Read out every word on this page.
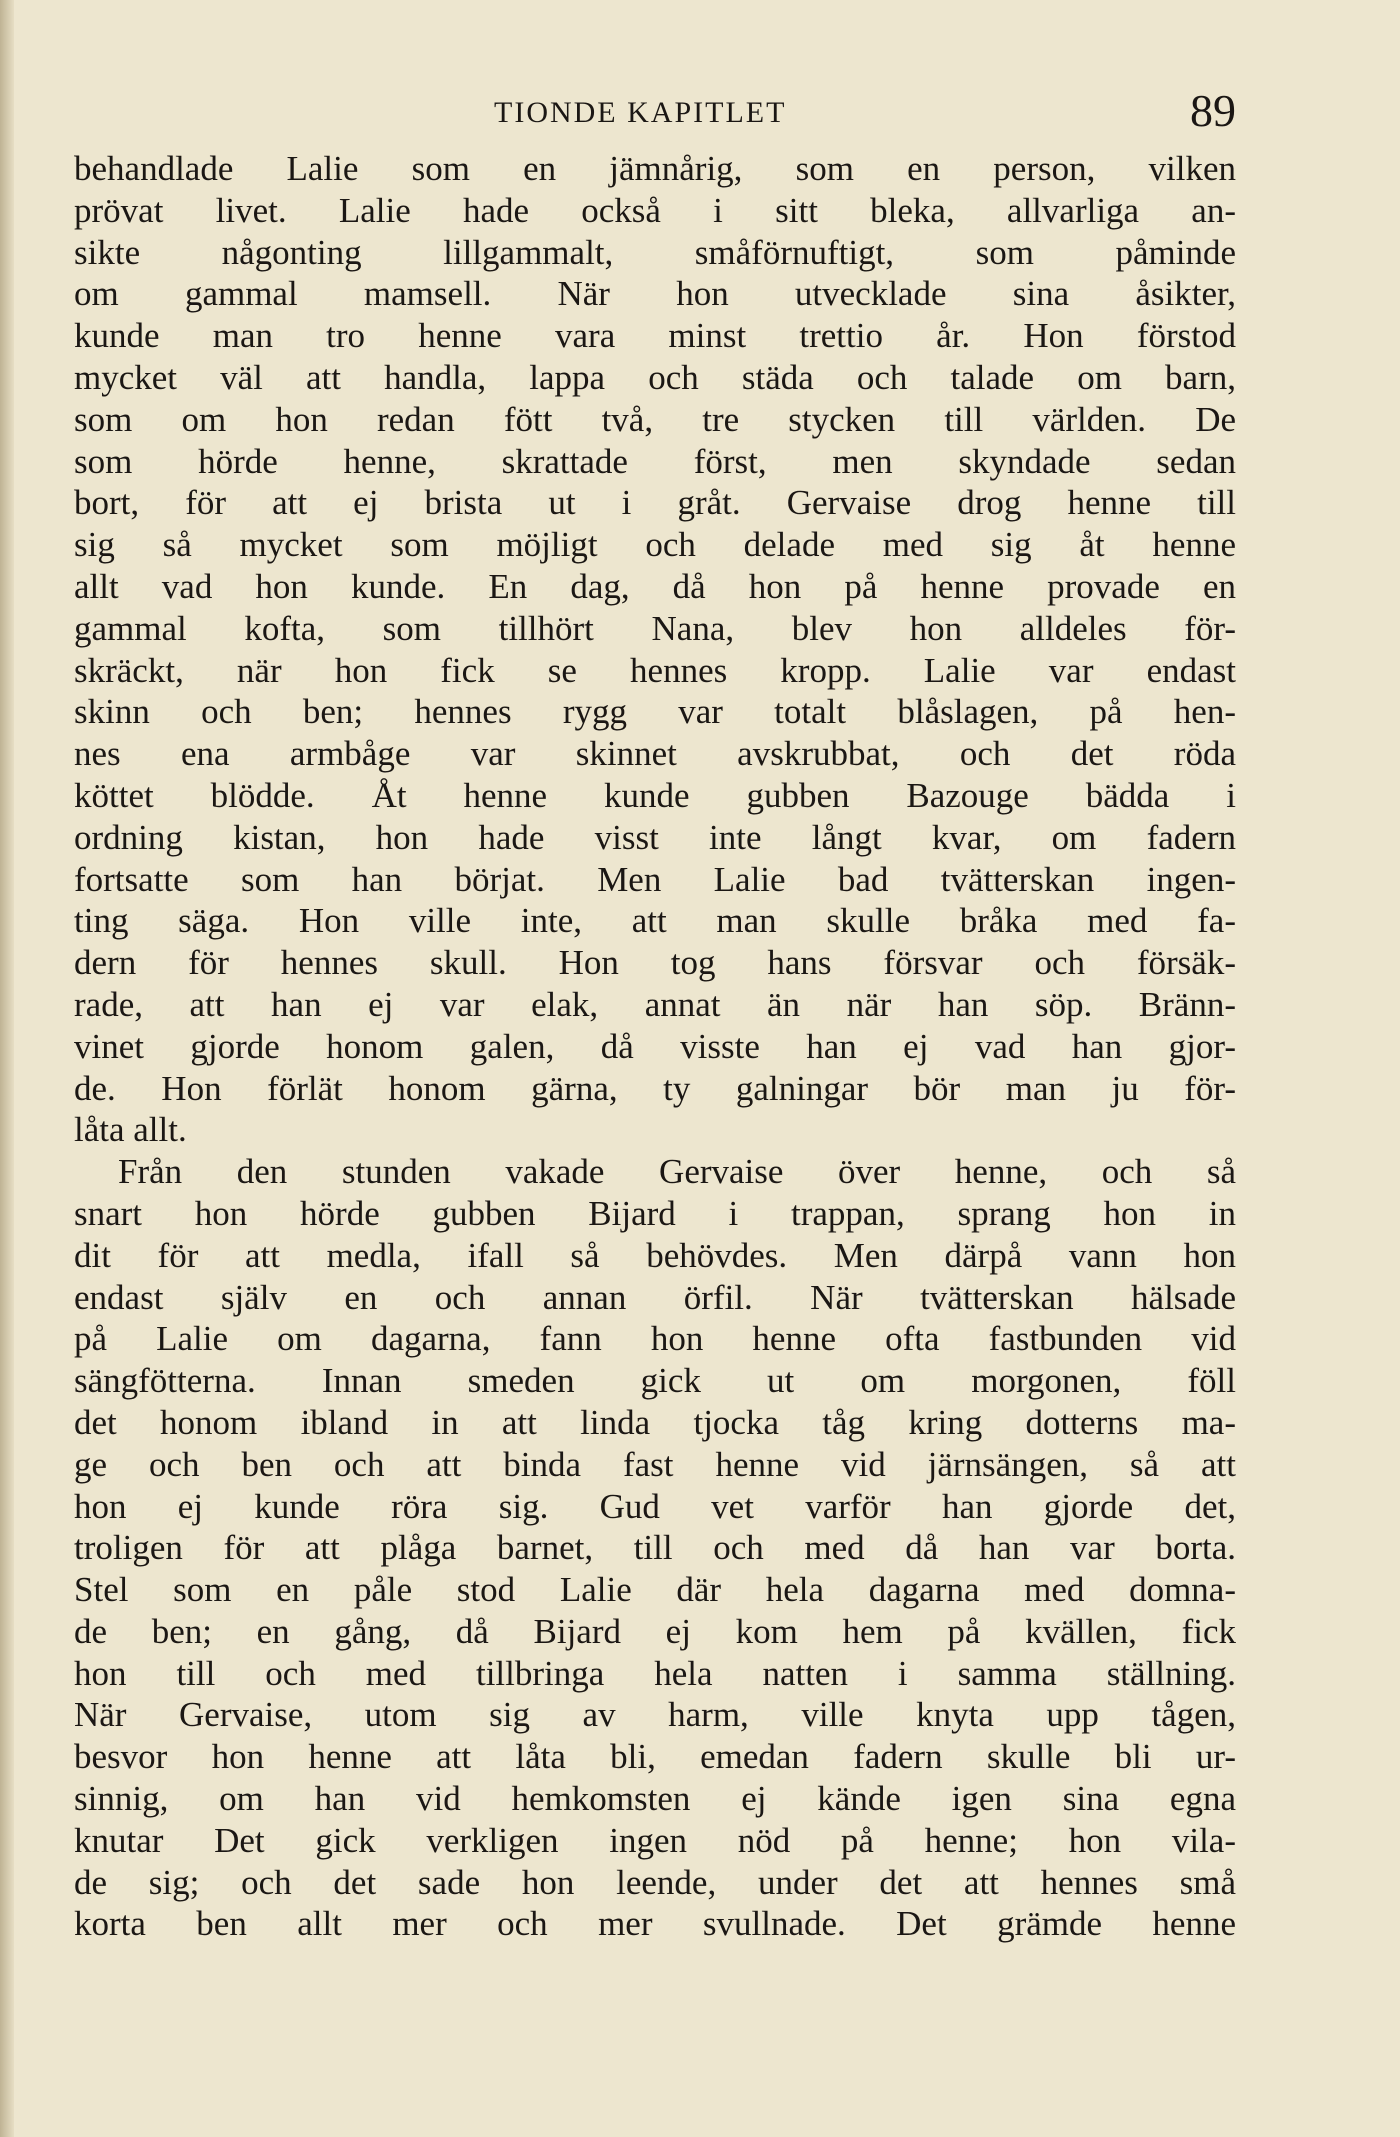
TIONDE KAPITLET	89
behandlade Lalie som en jämnårig, som en person, vilken
prövat livet. Lalie hade också i sitt bleka, allvarliga an-
sikte någonting lillgammalt, småförnuftigt, som påminde
om gammal mamsell. När hon utvecklade sina åsikter,
kunde man tro henne vara minst trettio år. Hon förstod
mycket väl att handla, lappa och städa och talade om barn,
som om hon redan fött två, tre stycken till världen. De
som hörde henne, skrattade först, men skyndade sedan
bort, för att ej brista ut i gråt. Gervaise drog henne till
sig så mycket som möjligt och delade med sig åt henne
allt vad hon kunde. En dag, då hon på henne provade en
gammal kofta, som tillhört Nana, blev hon alldeles för-
skräckt, när hon fick se hennes kropp. Lalie var endast
skinn och ben; hennes rygg var totalt blåslagen, på hen-
nes ena armbåge var skinnet avskrubbat, och det röda
köttet blödde. Åt henne kunde gubben Bazouge bädda i
ordning kistan, hon hade visst inte långt kvar, om fadern
fortsatte som han börjat. Men Lalie bad tvätterskan ingen-
ting säga. Hon ville inte, att man skulle bråka med fa-
dern för hennes skull. Hon tog hans försvar och försäk-
rade, att han ej var elak, annat än när han söp. Bränn-
vinet gjorde honom galen, då visste han ej vad han gjor-
de. Hon förlät honom gärna, ty galningar bör man ju för-
låta allt.
Från den stunden vakade Gervaise över henne, och så
snart hon hörde gubben Bijard i trappan, sprang hon in
dit för att medla, ifall så behövdes. Men därpå vann hon
endast själv en och annan örfil. När tvätterskan hälsade
på Lalie om dagarna, fann hon henne ofta fastbunden vid
sängfötterna. Innan smeden gick ut om morgonen, föll
det honom ibland in att linda tjocka tåg kring dotterns ma-
ge och ben och att binda fast henne vid järnsängen, så att
hon ej kunde röra sig. Gud vet varför han gjorde det,
troligen för att plåga barnet, till och med då han var borta.
Stel som en påle stod Lalie där hela dagarna med domna-
de ben; en gång, då Bijard ej kom hem på kvällen, fick
hon till och med tillbringa hela natten i samma ställning.
När Gervaise, utom sig av harm, ville knyta upp tågen,
besvor hon henne att låta bli, emedan fadern skulle bli ur-
sinnig, om han vid hemkomsten ej kände igen sina egna
knutar Det gick verkligen ingen nöd på henne; hon vila-
de sig; och det sade hon leende, under det att hennes små
korta ben allt mer och mer svullnade. Det grämde henne
